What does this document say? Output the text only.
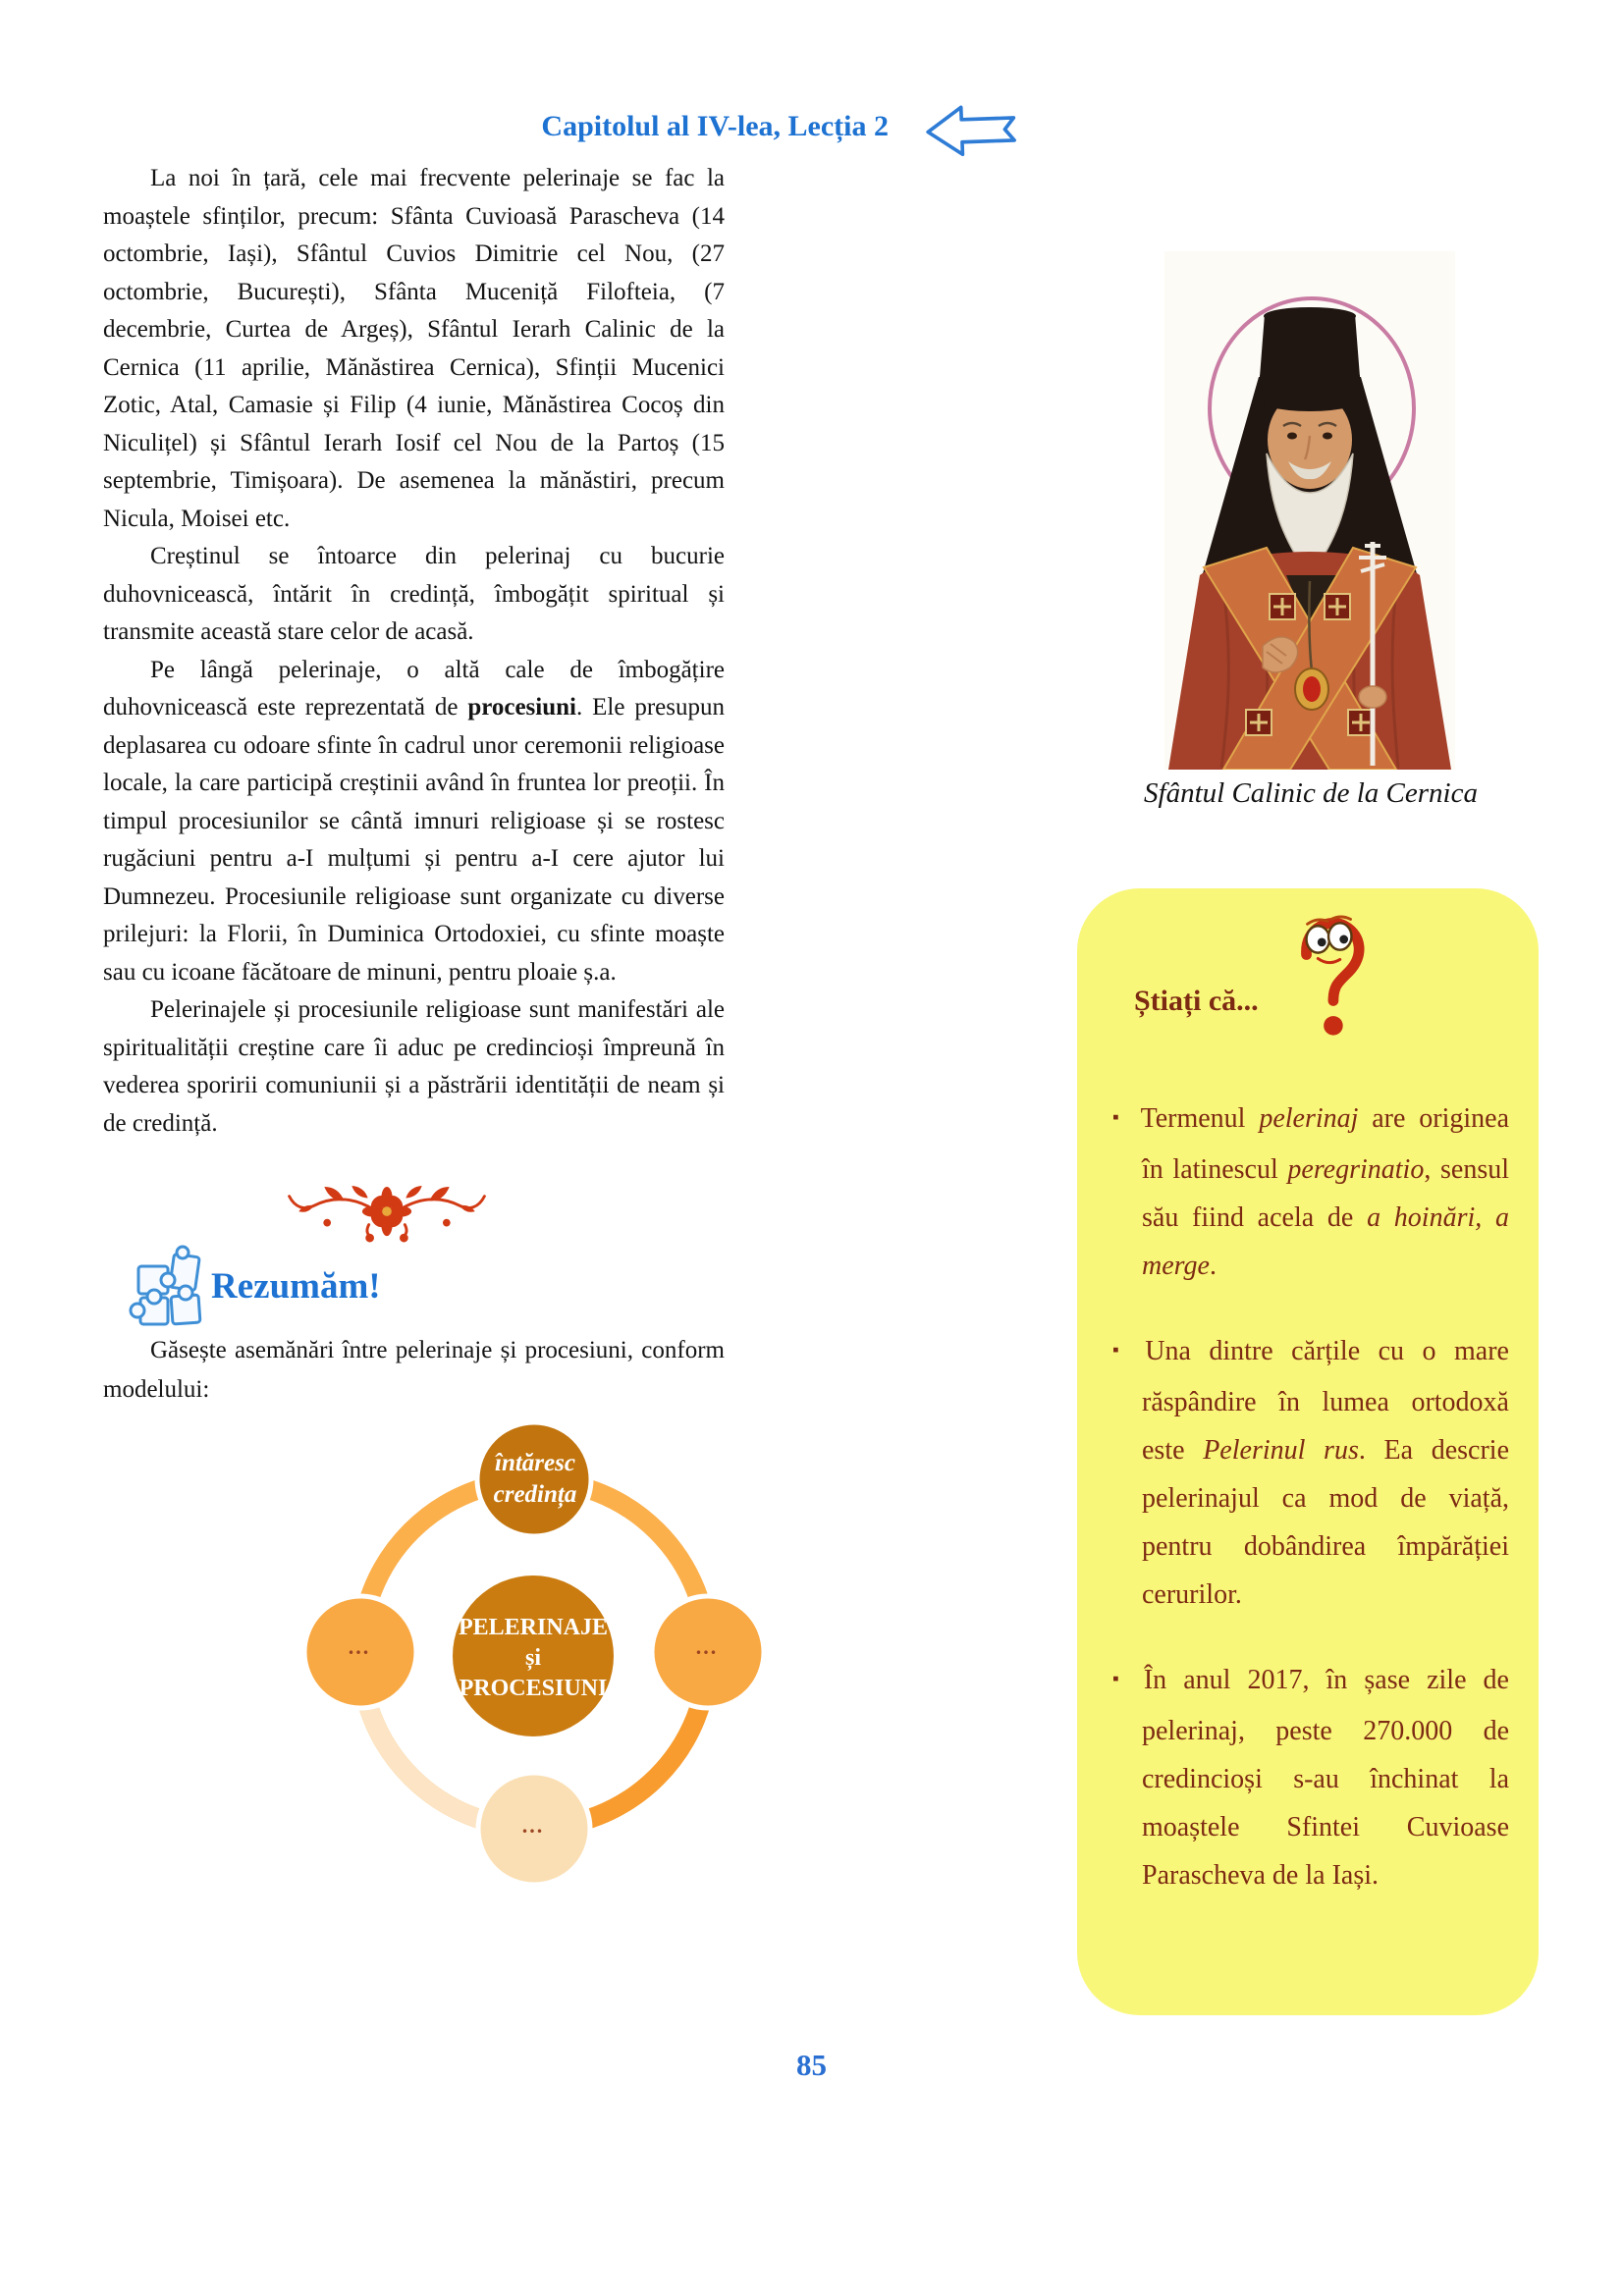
Capitolul al IV-lea, Lecția 2

La noi în țară, cele mai frecvente pelerinaje se fac la moaștele sfinților, precum: Sfânta Cuvioasă Parascheva (14 octombrie, Iași), Sfântul Cuvios Dimitrie cel Nou, (27 octombrie, București), Sfânta Muceniță Filofteia, (7 decembrie, Curtea de Argeș), Sfântul Ierarh Calinic de la Cernica (11 aprilie, Mănăstirea Cernica), Sfinții Mucenici Zotic, Atal, Camasie și Filip (4 iunie, Mănăstirea Cocoș din Niculițel) și Sfântul Ierarh Iosif cel Nou de la Partoș (15 septembrie, Timișoara). De asemenea la mănăstiri, precum Nicula, Moisei etc.

Creștinul se întoarce din pelerinaj cu bucurie duhovnicească, întărit în credință, îmbogățit spiritual și transmite această stare celor de acasă.

Pe lângă pelerinaje, o altă cale de îmbogățire duhovnicească este reprezentată de procesiuni. Ele presupun deplasarea cu odoare sfinte în cadrul unor ceremonii religioase locale, la care participă creștinii având în fruntea lor preoții. În timpul procesiunilor se cântă imnuri religioase și se rostesc rugăciuni pentru a-I mulțumi și pentru a-I cere ajutor lui Dumnezeu. Procesiunile religioase sunt organizate cu diverse prilejuri: la Florii, în Duminica Ortodoxiei, cu sfinte moaște sau cu icoane făcătoare de minuni, pentru ploaie ș.a.

Pelerinajele și procesiunile religioase sunt manifestări ale spiritualității creștine care îi aduc pe credincioși împreună în vederea sporirii comuniunii și a păstrării identității de neam și de credință.

Rezumăm!

Găsește asemănări între pelerinaje și procesiuni, conform modelului:

întăresc
credința
PELERINAJE
și
PROCESIUNI
...	...
...
Sfântul Calinic de la Cernica
Știați că...

▪ Termenul pelerinaj are originea în latinescul peregrinatio, sensul său fiind acela de a hoinări, a merge.

▪ Una dintre cărțile cu o mare răspândire în lumea ortodoxă este Pelerinul rus. Ea descrie pelerinajul ca mod de viață, pentru dobândirea împărăției cerurilor.

▪ În anul 2017, în șase zile de pelerinaj, peste 270.000 de credincioși s-au închinat la moaștele Sfintei Cuvioase Parascheva de la Iași.

85
